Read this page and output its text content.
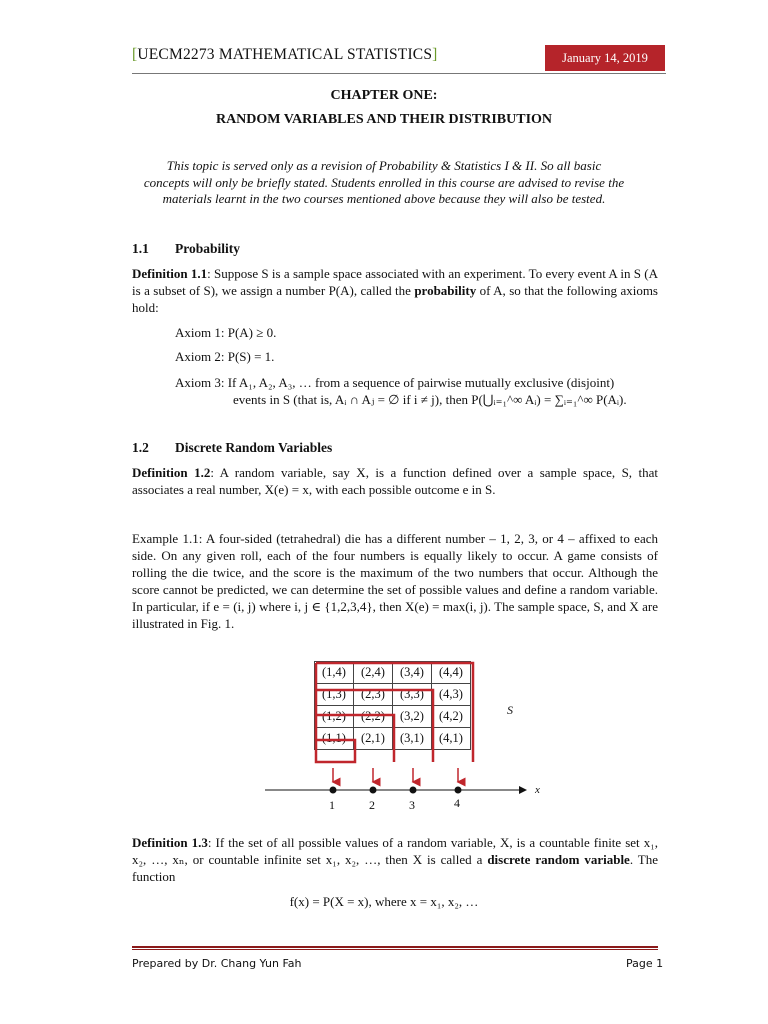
[UECM2273 MATHEMATICAL STATISTICS]	January 14, 2019
CHAPTER ONE:
RANDOM VARIABLES AND THEIR DISTRIBUTION
This topic is served only as a revision of Probability & Statistics I & II. So all basic
concepts will only be briefly stated. Students enrolled in this course are advised to revise the
materials learnt in the two courses mentioned above because they will also be tested.
1.1 Probability
Definition 1.1: Suppose S is a sample space associated with an experiment. To every event A in S (A is a subset of S), we assign a number P(A), called the probability of A, so that the following axioms hold:
Axiom 1: P(A) ≥ 0.
Axiom 2: P(S) = 1.
Axiom 3: If A₁, A₂, A₃, … from a sequence of pairwise mutually exclusive (disjoint)
events in S (that is, Aᵢ ∩ Aⱼ = ∅ if i ≠ j), then P(⋃ᵢ₌₁^∞ Aᵢ) = ∑ᵢ₌₁^∞ P(Aᵢ).
1.2 Discrete Random Variables
Definition 1.2: A random variable, say X, is a function defined over a sample space, S, that associates a real number, X(e) = x, with each possible outcome e in S.
Example 1.1: A four-sided (tetrahedral) die has a different number – 1, 2, 3, or 4 – affixed to each side. On any given roll, each of the four numbers is equally likely to occur. A game consists of rolling the die twice, and the score is the maximum of the two numbers that occur. Although the score cannot be predicted, we can determine the set of possible values and define a random variable. In particular, if e = (i, j) where i, j ∈ {1,2,3,4}, then X(e) = max(i, j). The sample space, S, and X are illustrated in Fig. 1.
(1,4)	(2,4)	(3,4)	(4,4)
(1,3)	(2,3)	(3,3)	(4,3)
(1,2)	(2,2)	(3,2)	(4,2)
(1,1)	(2,1)	(3,1)	(4,1)
S
x
1	2	3	4
Definition 1.3: If the set of all possible values of a random variable, X, is a countable finite set x₁, x₂, …, xₙ, or countable infinite set x₁, x₂, …, then X is called a discrete random variable. The function
f(x) = P(X = x), where x = x₁, x₂, …
Prepared by Dr. Chang Yun Fah	Page 1
